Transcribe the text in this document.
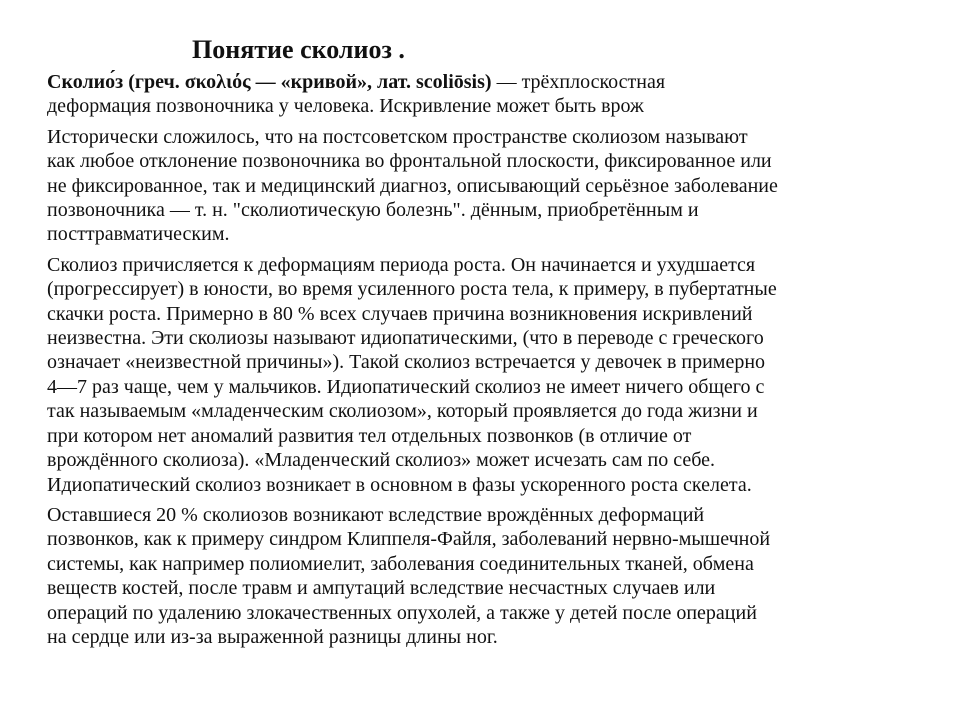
Понятие сколиоз .
Сколио́з (греч. σκολιός — «кривой», лат. scoliōsis) — трёхплоскостная
деформация позвоночника у человека. Искривление может быть врож
Исторически сложилось, что на постсоветском пространстве сколиозом называют
как любое отклонение позвоночника во фронтальной плоскости, фиксированное или
не фиксированное, так и медицинский диагноз, описывающий серьёзное заболевание
позвоночника — т. н. "сколиотическую болезнь". дённым, приобретённым и
посттравматическим.
Сколиоз причисляется к деформациям периода роста. Он начинается и ухудшается
(прогрессирует) в юности, во время усиленного роста тела, к примеру, в пубертатные
скачки роста. Примерно в 80 % всех случаев причина возникновения искривлений
неизвестна. Эти сколиозы называют идиопатическими, (что в переводе с греческого
означает «неизвестной причины»). Такой сколиоз встречается у девочек в примерно
4—7 раз чаще, чем у мальчиков. Идиопатический сколиоз не имеет ничего общего с
так называемым «младенческим сколиозом», который проявляется до года жизни и
при котором нет аномалий развития тел отдельных позвонков (в отличие от
врождённого сколиоза). «Младенческий сколиоз» может исчезать сам по себе.
Идиопатический сколиоз возникает в основном в фазы ускоренного роста скелета.
Оставшиеся 20 % сколиозов возникают вследствие врождённых деформаций
позвонков, как к примеру синдром Клиппеля-Файля, заболеваний нервно-мышечной
системы, как например полиомиелит, заболевания соединительных тканей, обмена
веществ костей, после травм и ампутаций вследствие несчастных случаев или
операций по удалению злокачественных опухолей, а также у детей после операций
на сердце или из-за выраженной разницы длины ног.
